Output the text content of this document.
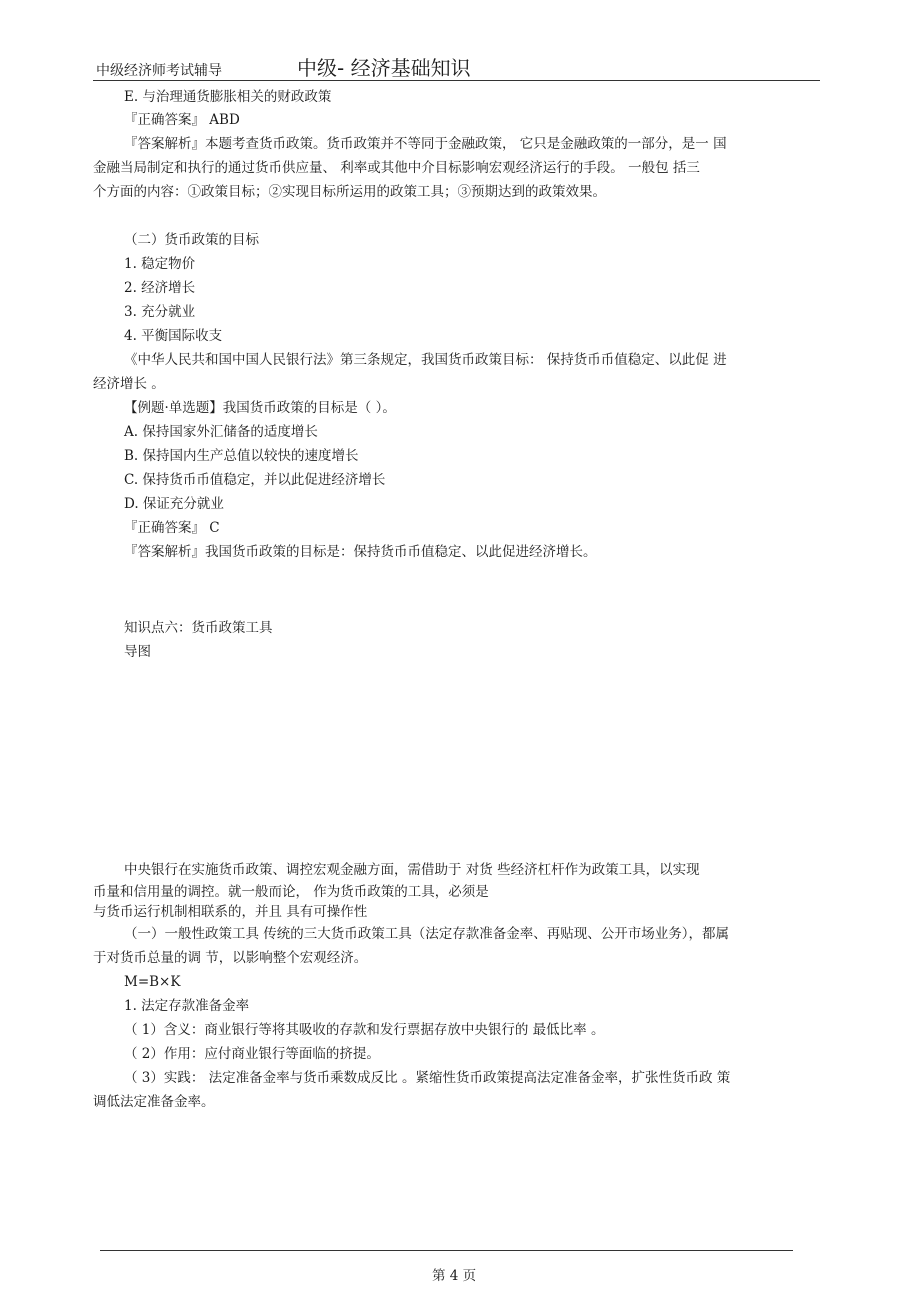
中级经济师考试辅导	中级- 经济基础知识
E. 与治理通货膨胀相关的财政政策
『正确答案』 ABD
『答案解析』本题考查货币政策。货币政策并不等同于金融政策， 它只是金融政策的一部分，是一 国
金融当局制定和执行的通过货币供应量、 利率或其他中介目标影响宏观经济运行的手段。 一般包 括三
个方面的内容：①政策目标；②实现目标所运用的政策工具；③预期达到的政策效果。
（二）货币政策的目标
1. 稳定物价
2. 经济增长
3. 充分就业
4. 平衡国际收支
《中华人民共和国中国人民银行法》第三条规定，我国货币政策目标： 保持货币币值稳定、以此促 进
经济增长 。
【例题·单选题】我国货币政策的目标是（ ）。
A. 保持国家外汇储备的适度增长
B. 保持国内生产总值以较快的速度增长
C. 保持货币币值稳定，并以此促进经济增长
D. 保证充分就业
『正确答案』 C
『答案解析』我国货币政策的目标是：保持货币币值稳定、以此促进经济增长。
知识点六：货币政策工具
导图
中央银行在实施货币政策、调控宏观金融方面，需借助于 对货 些经济杠杆作为政策工具，以实现
币量和信用量的调控。就一般而论， 作为货币政策的工具，必须是
与货币运行机制相联系的，并且 具有可操作性
（一）一般性政策工具 传统的三大货币政策工具（法定存款准备金率、再贴现、公开市场业务），都属
于对货币总量的调 节，以影响整个宏观经济。
M=B×K
1. 法定存款准备金率
（ 1）含义：商业银行等将其吸收的存款和发行票据存放中央银行的 最低比率 。
（ 2）作用：应付商业银行等面临的挤提。
（ 3）实践： 法定准备金率与货币乘数成反比 。紧缩性货币政策提高法定准备金率，扩张性货币政 策
调低法定准备金率。
第 4 页
